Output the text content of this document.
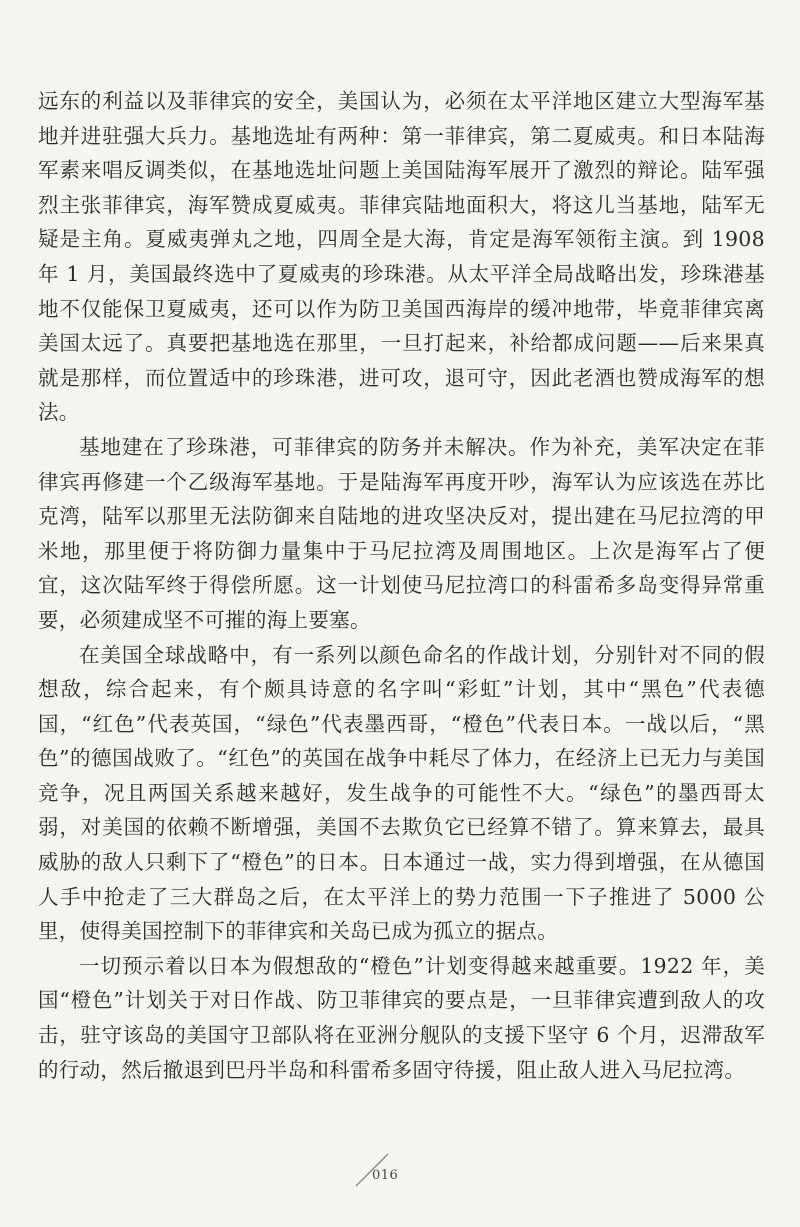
远东的利益以及菲律宾的安全，美国认为，必须在太平洋地区建立大型海军基地并进驻强大兵力。基地选址有两种：第一菲律宾，第二夏威夷。和日本陆海军素来唱反调类似，在基地选址问题上美国陆海军展开了激烈的辩论。陆军强烈主张菲律宾，海军赞成夏威夷。菲律宾陆地面积大，将这儿当基地，陆军无疑是主角。夏威夷弹丸之地，四周全是大海，肯定是海军领衔主演。到 1908 年 1 月，美国最终选中了夏威夷的珍珠港。从太平洋全局战略出发，珍珠港基地不仅能保卫夏威夷，还可以作为防卫美国西海岸的缓冲地带，毕竟菲律宾离美国太远了。真要把基地选在那里，一旦打起来，补给都成问题——后来果真就是那样，而位置适中的珍珠港，进可攻，退可守，因此老酒也赞成海军的想法。

基地建在了珍珠港，可菲律宾的防务并未解决。作为补充，美军决定在菲律宾再修建一个乙级海军基地。于是陆海军再度开吵，海军认为应该选在苏比克湾，陆军以那里无法防御来自陆地的进攻坚决反对，提出建在马尼拉湾的甲米地，那里便于将防御力量集中于马尼拉湾及周围地区。上次是海军占了便宜，这次陆军终于得偿所愿。这一计划使马尼拉湾口的科雷希多岛变得异常重要，必须建成坚不可摧的海上要塞。

在美国全球战略中，有一系列以颜色命名的作战计划，分别针对不同的假想敌，综合起来，有个颇具诗意的名字叫“彩虹”计划，其中“黑色”代表德国，“红色”代表英国，“绿色”代表墨西哥，“橙色”代表日本。一战以后，“黑色”的德国战败了。“红色”的英国在战争中耗尽了体力，在经济上已无力与美国竞争，况且两国关系越来越好，发生战争的可能性不大。“绿色”的墨西哥太弱，对美国的依赖不断增强，美国不去欺负它已经算不错了。算来算去，最具威胁的敌人只剩下了“橙色”的日本。日本通过一战，实力得到增强，在从德国人手中抢走了三大群岛之后，在太平洋上的势力范围一下子推进了 5000 公里，使得美国控制下的菲律宾和关岛已成为孤立的据点。

一切预示着以日本为假想敌的“橙色”计划变得越来越重要。1922 年，美国“橙色”计划关于对日作战、防卫菲律宾的要点是，一旦菲律宾遭到敌人的攻击，驻守该岛的美国守卫部队将在亚洲分舰队的支援下坚守 6 个月，迟滞敌军的行动，然后撤退到巴丹半岛和科雷希多固守待援，阻止敌人进入马尼拉湾。

016
